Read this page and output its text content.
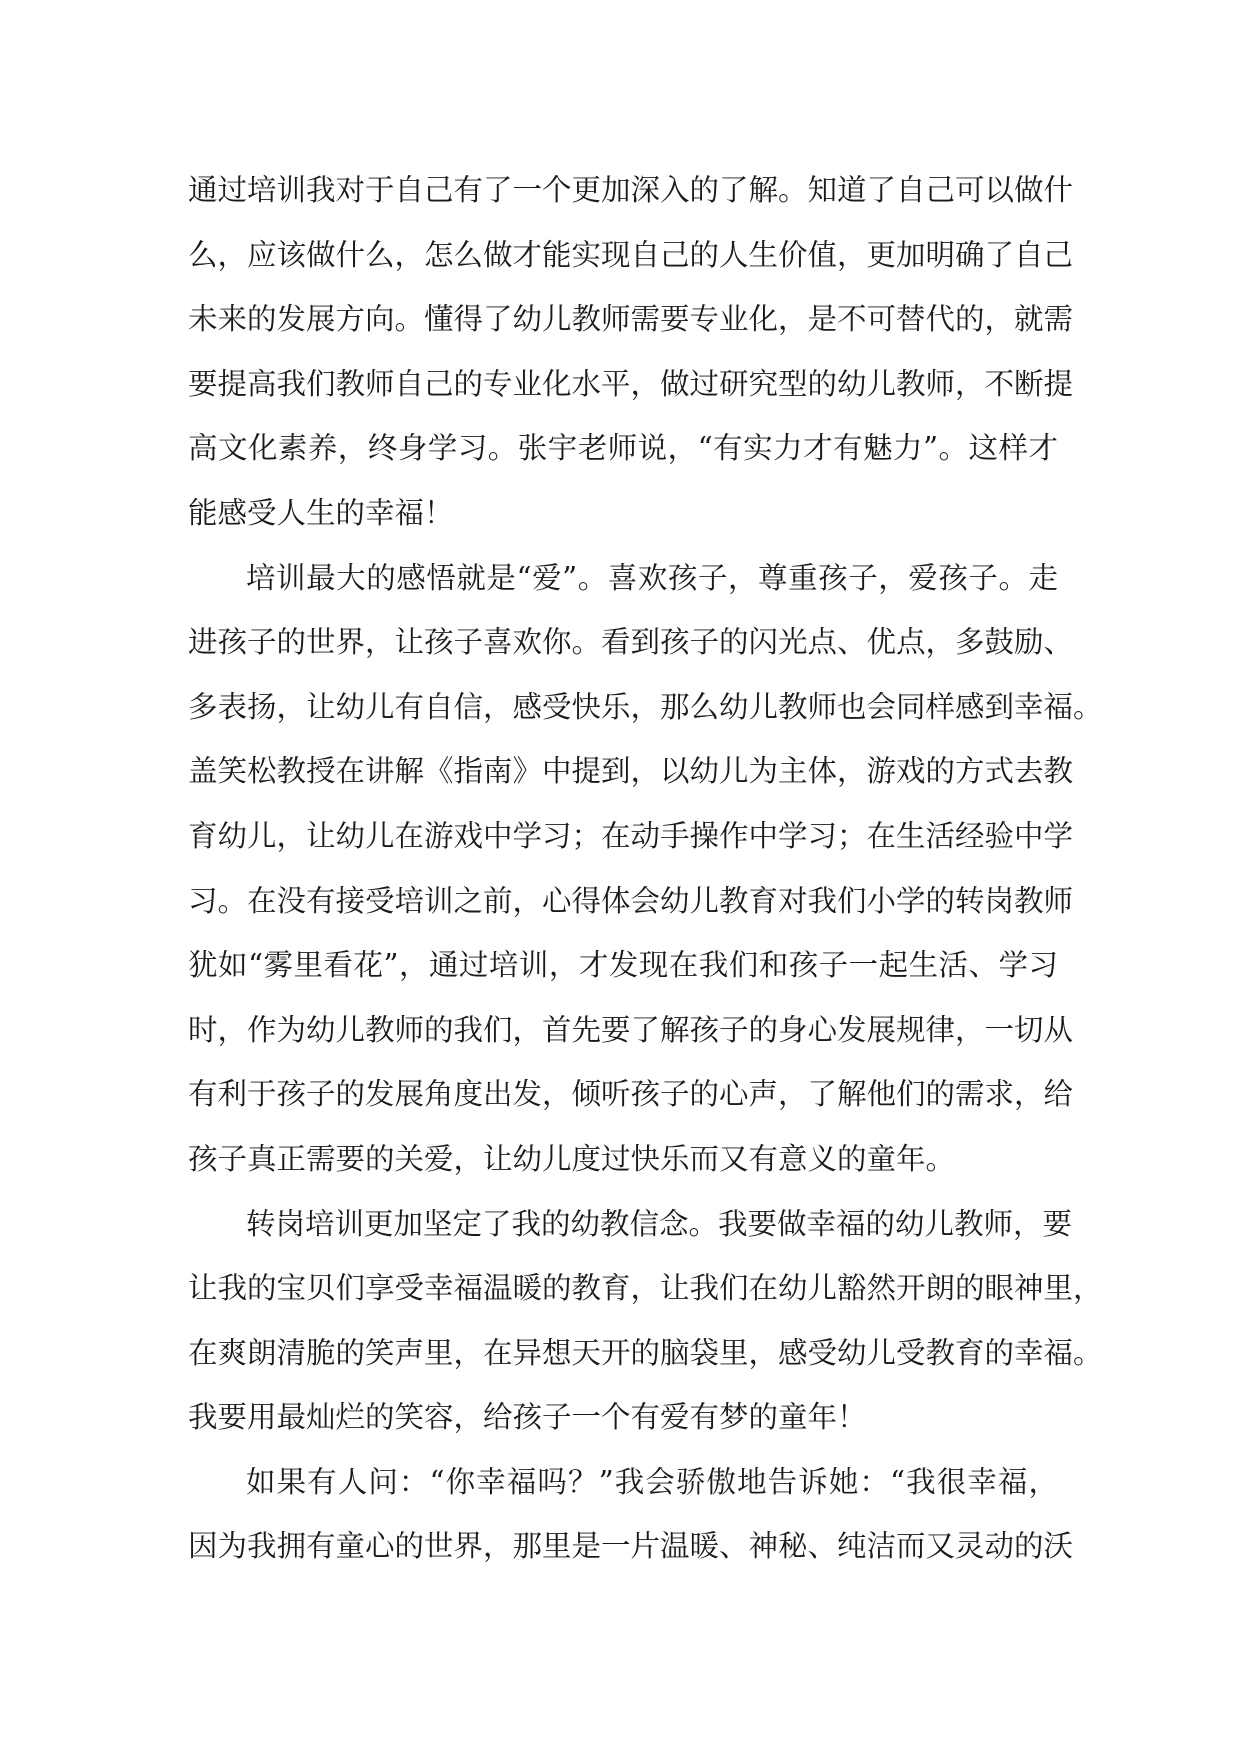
通过培训我对于自己有了一个更加深入的了解。知道了自己可以做什
么，应该做什么，怎么做才能实现自己的人生价值，更加明确了自己
未来的发展方向。懂得了幼儿教师需要专业化，是不可替代的，就需
要提高我们教师自己的专业化水平，做过研究型的幼儿教师，不断提
高文化素养，终身学习。张宇老师说，“有实力才有魅力”。这样才
能感受人生的幸福！
培训最大的感悟就是“爱”。喜欢孩子，尊重孩子，爱孩子。走
进孩子的世界，让孩子喜欢你。看到孩子的闪光点、优点，多鼓励、
多表扬，让幼儿有自信，感受快乐，那么幼儿教师也会同样感到幸福。
盖笑松教授在讲解《指南》中提到，以幼儿为主体，游戏的方式去教
育幼儿，让幼儿在游戏中学习；在动手操作中学习；在生活经验中学
习。在没有接受培训之前，心得体会幼儿教育对我们小学的转岗教师
犹如“雾里看花”，通过培训，才发现在我们和孩子一起生活、学习
时，作为幼儿教师的我们，首先要了解孩子的身心发展规律，一切从
有利于孩子的发展角度出发，倾听孩子的心声，了解他们的需求，给
孩子真正需要的关爱，让幼儿度过快乐而又有意义的童年。
转岗培训更加坚定了我的幼教信念。我要做幸福的幼儿教师，要
让我的宝贝们享受幸福温暖的教育，让我们在幼儿豁然开朗的眼神里，
在爽朗清脆的笑声里，在异想天开的脑袋里，感受幼儿受教育的幸福。
我要用最灿烂的笑容，给孩子一个有爱有梦的童年！
如果有人问：“你幸福吗？”我会骄傲地告诉她：“我很幸福，
因为我拥有童心的世界，那里是一片温暖、神秘、纯洁而又灵动的沃
